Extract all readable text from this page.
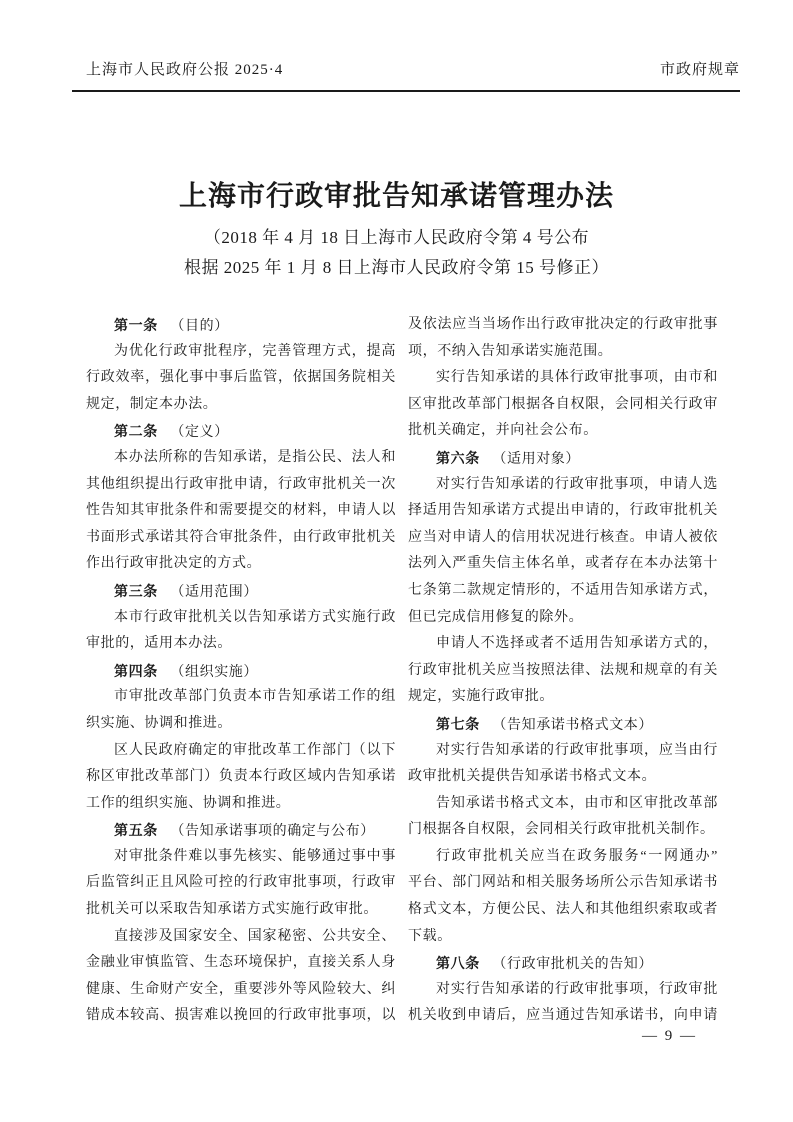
上海市人民政府公报 2025·4	市政府规章
上海市行政审批告知承诺管理办法
（2018 年 4 月 18 日上海市人民政府令第 4 号公布
根据 2025 年 1 月 8 日上海市人民政府令第 15 号修正）
第一条 （目的）
为优化行政审批程序，完善管理方式，提高
行政效率，强化事中事后监管，依据国务院相关
规定，制定本办法。
第二条 （定义）
本办法所称的告知承诺，是指公民、法人和
其他组织提出行政审批申请，行政审批机关一次
性告知其审批条件和需要提交的材料，申请人以
书面形式承诺其符合审批条件，由行政审批机关
作出行政审批决定的方式。
第三条 （适用范围）
本市行政审批机关以告知承诺方式实施行政
审批的，适用本办法。
第四条 （组织实施）
市审批改革部门负责本市告知承诺工作的组
织实施、协调和推进。
区人民政府确定的审批改革工作部门（以下
称区审批改革部门）负责本行政区域内告知承诺
工作的组织实施、协调和推进。
第五条 （告知承诺事项的确定与公布）
对审批条件难以事先核实、能够通过事中事
后监管纠正且风险可控的行政审批事项，行政审
批机关可以采取告知承诺方式实施行政审批。
直接涉及国家安全、国家秘密、公共安全、
金融业审慎监管、生态环境保护，直接关系人身
健康、生命财产安全，重要涉外等风险较大、纠
错成本较高、损害难以挽回的行政审批事项，以
及依法应当当场作出行政审批决定的行政审批事
项，不纳入告知承诺实施范围。
实行告知承诺的具体行政审批事项，由市和
区审批改革部门根据各自权限，会同相关行政审
批机关确定，并向社会公布。
第六条 （适用对象）
对实行告知承诺的行政审批事项，申请人选
择适用告知承诺方式提出申请的，行政审批机关
应当对申请人的信用状况进行核查。申请人被依
法列入严重失信主体名单，或者存在本办法第十
七条第二款规定情形的，不适用告知承诺方式，
但已完成信用修复的除外。
申请人不选择或者不适用告知承诺方式的，
行政审批机关应当按照法律、法规和规章的有关
规定，实施行政审批。
第七条 （告知承诺书格式文本）
对实行告知承诺的行政审批事项，应当由行
政审批机关提供告知承诺书格式文本。
告知承诺书格式文本，由市和区审批改革部
门根据各自权限，会同相关行政审批机关制作。
行政审批机关应当在政务服务“一网通办”
平台、部门网站和相关服务场所公示告知承诺书
格式文本，方便公民、法人和其他组织索取或者
下载。
第八条 （行政审批机关的告知）
对实行告知承诺的行政审批事项，行政审批
机关收到申请后，应当通过告知承诺书，向申请
— 9 —
